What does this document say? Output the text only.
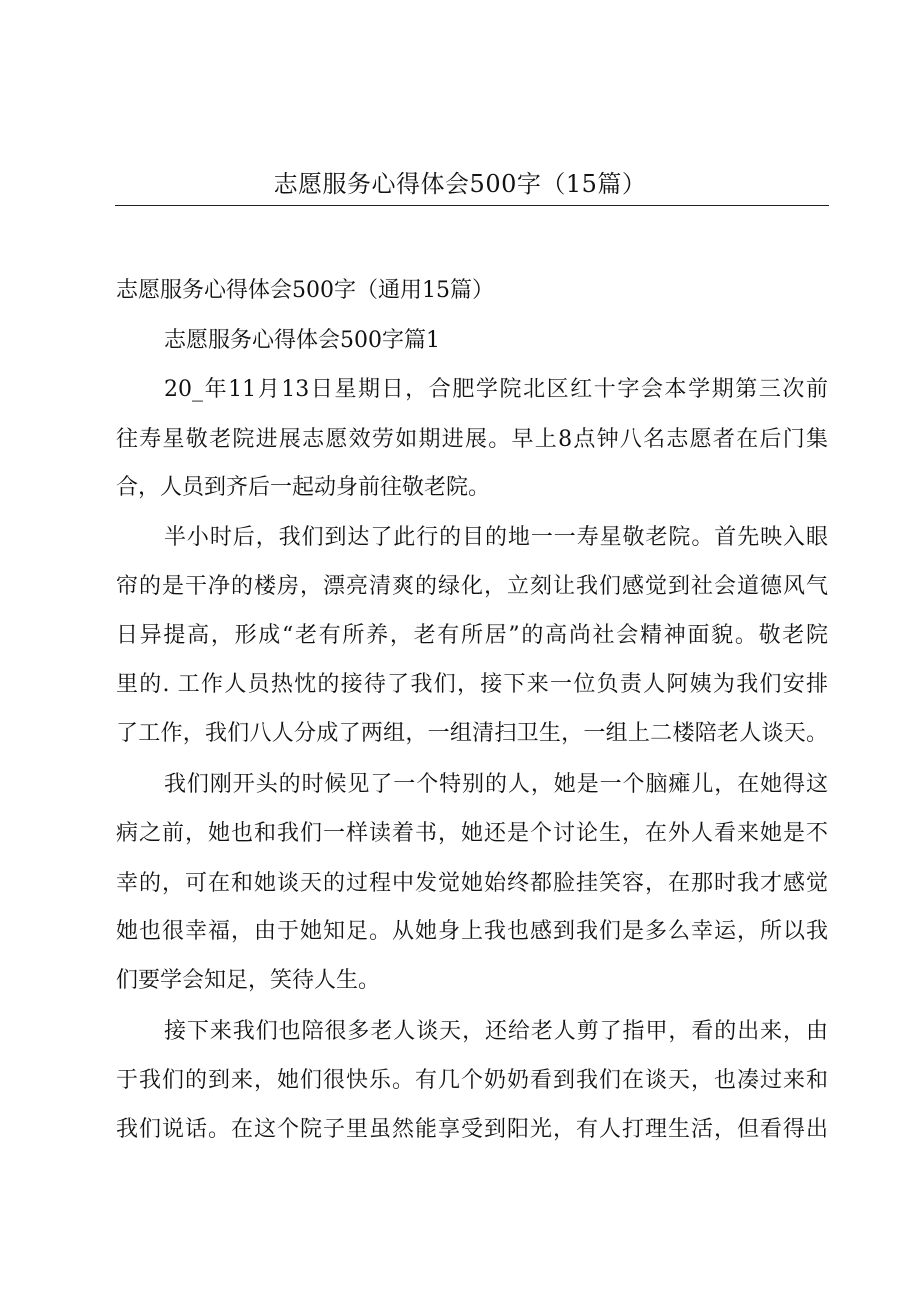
志愿服务心得体会500字（15篇）
志愿服务心得体会500字（通用15篇）
志愿服务心得体会500字篇1
20_年11月13日星期日，合肥学院北区红十字会本学期第三次前
往寿星敬老院进展志愿效劳如期进展。早上8点钟八名志愿者在后门集
合，人员到齐后一起动身前往敬老院。
半小时后，我们到达了此行的目的地一一寿星敬老院。首先映入眼
帘的是干净的楼房，漂亮清爽的绿化，立刻让我们感觉到社会道德风气
日异提高，形成“老有所养，老有所居”的高尚社会精神面貌。敬老院
里的. 工作人员热忱的接待了我们，接下来一位负责人阿姨为我们安排
了工作，我们八人分成了两组，一组清扫卫生，一组上二楼陪老人谈天。
我们刚开头的时候见了一个特别的人，她是一个脑瘫儿，在她得这
病之前，她也和我们一样读着书，她还是个讨论生，在外人看来她是不
幸的，可在和她谈天的过程中发觉她始终都脸挂笑容，在那时我才感觉
她也很幸福，由于她知足。从她身上我也感到我们是多么幸运，所以我
们要学会知足，笑待人生。
接下来我们也陪很多老人谈天，还给老人剪了指甲，看的出来，由
于我们的到来，她们很快乐。有几个奶奶看到我们在谈天，也凑过来和
我们说话。在这个院子里虽然能享受到阳光，有人打理生活，但看得出
